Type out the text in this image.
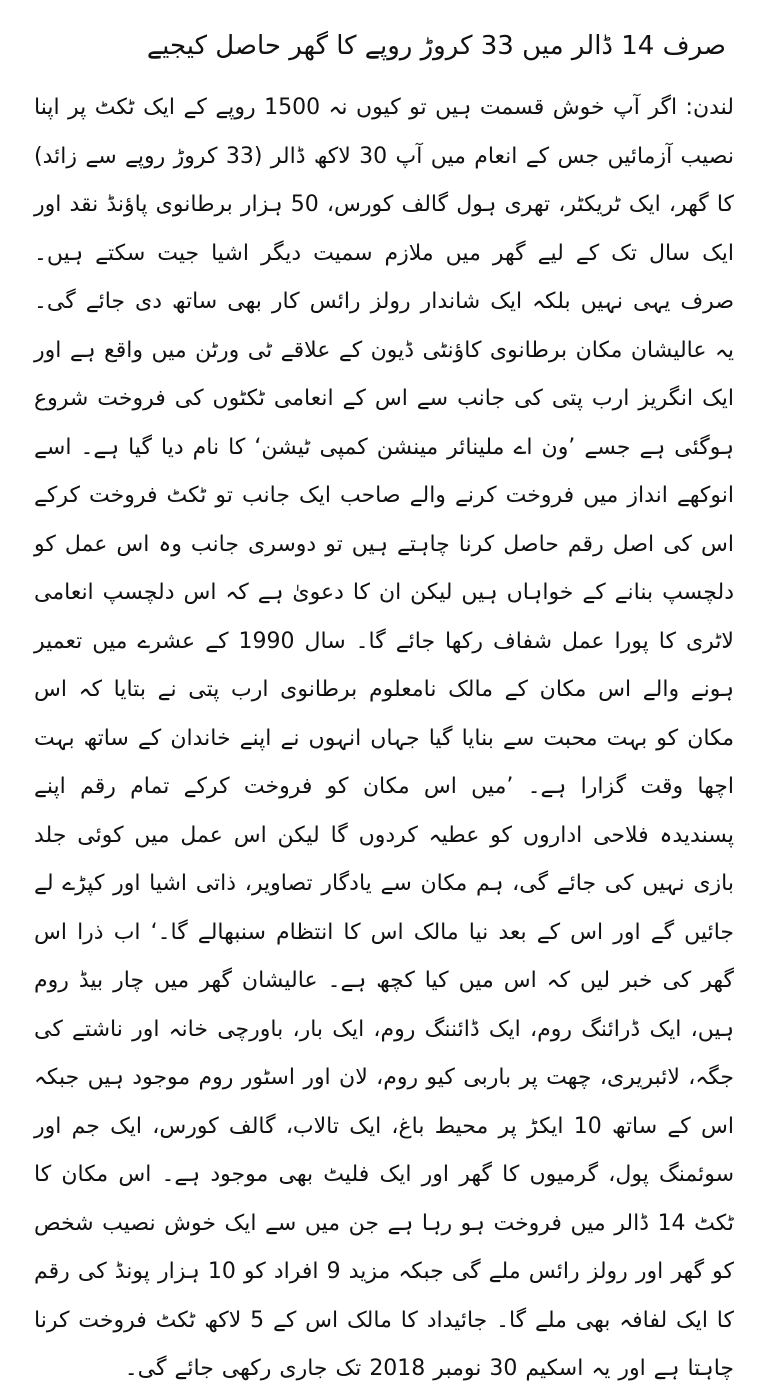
صرف 14 ڈالر میں 33 کروڑ روپے کا گھر حاصل کیجیے

لندن: اگر آپ خوش قسمت ہیں تو کیوں نہ 1500 روپے کے ایک ٹکٹ پر اپنا نصیب آزمائیں جس کے انعام میں آپ 30 لاکھ ڈالر (33 کروڑ روپے سے زائد) کا گھر، ایک ٹریکٹر، تھری ہول گالف کورس، 50 ہزار برطانوی پاؤنڈ نقد اور ایک سال تک کے لیے گھر میں ملازم سمیت دیگر اشیا جیت سکتے ہیں۔ صرف یہی نہیں بلکہ ایک شاندار رولز رائس کار بھی ساتھ دی جائے گی۔ یہ عالیشان مکان برطانوی کاؤنٹی ڈیون کے علاقے ٹی ورٹن میں واقع ہے اور ایک انگریز ارب پتی کی جانب سے اس کے انعامی ٹکٹوں کی فروخت شروع ہوگئی ہے جسے ’ون اے ملینائر مینشن کمپی ٹیشن‘ کا نام دیا گیا ہے۔ اسے انوکھے انداز میں فروخت کرنے والے صاحب ایک جانب تو ٹکٹ فروخت کرکے اس کی اصل رقم حاصل کرنا چاہتے ہیں تو دوسری جانب وہ اس عمل کو دلچسپ بنانے کے خواہاں ہیں لیکن ان کا دعویٰ ہے کہ اس دلچسپ انعامی لاٹری کا پورا عمل شفاف رکھا جائے گا۔ سال 1990 کے عشرے میں تعمیر ہونے والے اس مکان کے مالک نامعلوم برطانوی ارب پتی نے بتایا کہ اس مکان کو بہت محبت سے بنایا گیا جہاں انہوں نے اپنے خاندان کے ساتھ بہت اچھا وقت گزارا ہے۔ ’میں اس مکان کو فروخت کرکے تمام رقم اپنے پسندیدہ فلاحی اداروں کو عطیہ کردوں گا لیکن اس عمل میں کوئی جلد بازی نہیں کی جائے گی، ہم مکان سے یادگار تصاویر، ذاتی اشیا اور کپڑے لے جائیں گے اور اس کے بعد نیا مالک اس کا انتظام سنبھالے گا۔‘ اب ذرا اس گھر کی خبر لیں کہ اس میں کیا کچھ ہے۔ عالیشان گھر میں چار بیڈ روم ہیں، ایک ڈرائنگ روم، ایک ڈائننگ روم، ایک بار، باورچی خانہ اور ناشتے کی جگہ، لائبریری، چھت پر باربی کیو روم، لان اور اسٹور روم موجود ہیں جبکہ اس کے ساتھ 10 ایکڑ پر محیط باغ، ایک تالاب، گالف کورس، ایک جم اور سوئمنگ پول، گرمیوں کا گھر اور ایک فلیٹ بھی موجود ہے۔ اس مکان کا ٹکٹ 14 ڈالر میں فروخت ہو رہا ہے جن میں سے ایک خوش نصیب شخص کو گھر اور رولز رائس ملے گی جبکہ مزید 9 افراد کو 10 ہزار پونڈ کی رقم کا ایک لفافہ بھی ملے گا۔ جائیداد کا مالک اس کے 5 لاکھ ٹکٹ فروخت کرنا چاہتا ہے اور یہ اسکیم 30 نومبر 2018 تک جاری رکھی جائے گی۔
